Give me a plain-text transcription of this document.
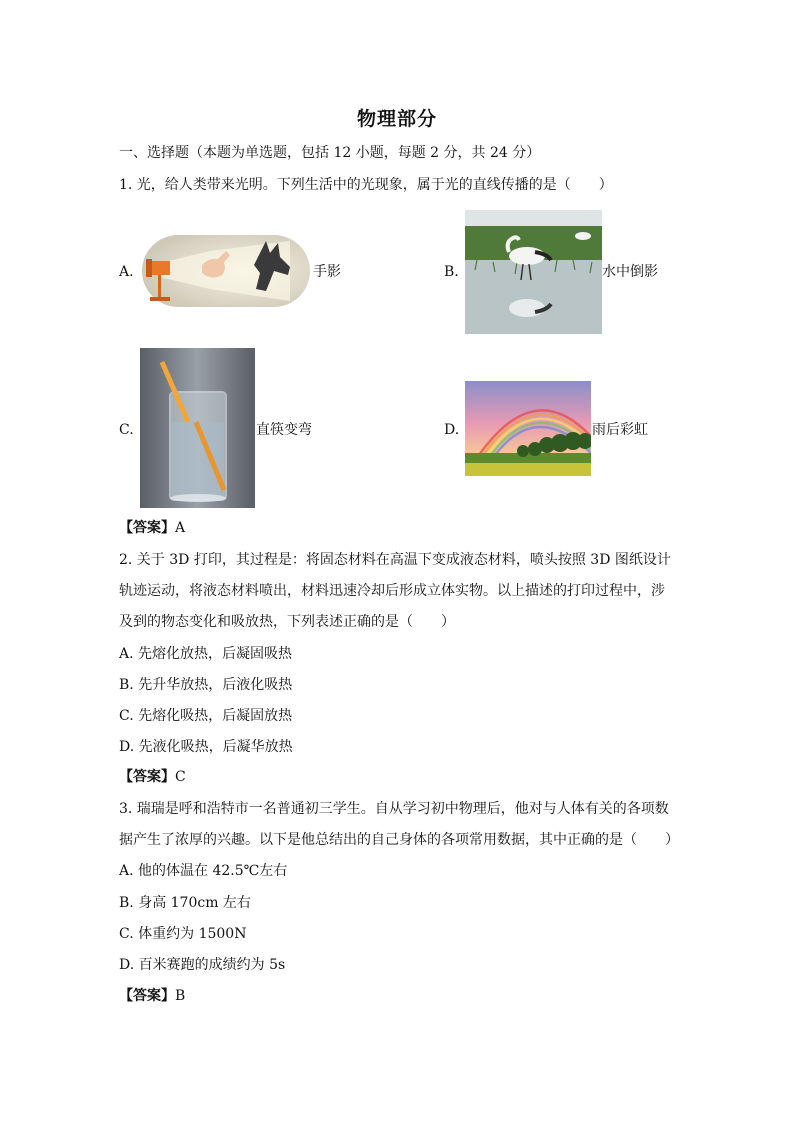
物理部分
一、选择题（本题为单选题，包括 12 小题，每题 2 分，共 24 分）
1. 光，给人类带来光明。下列生活中的光现象，属于光的直线传播的是（　　）
A.	手影	B.	水中倒影
C.	直筷变弯	D.	雨后彩虹
【答案】A
2. 关于 3D 打印，其过程是：将固态材料在高温下变成液态材料，喷头按照 3D 图纸设计
轨迹运动，将液态材料喷出，材料迅速冷却后形成立体实物。以上描述的打印过程中，涉
及到的物态变化和吸放热，下列表述正确的是（　　）
A. 先熔化放热，后凝固吸热
B. 先升华放热，后液化吸热
C. 先熔化吸热，后凝固放热
D. 先液化吸热，后凝华放热
【答案】C
3. 瑞瑞是呼和浩特市一名普通初三学生。自从学习初中物理后，他对与人体有关的各项数
据产生了浓厚的兴趣。以下是他总结出的自己身体的各项常用数据，其中正确的是（　　）
A. 他的体温在 42.5℃左右
B. 身高 170cm 左右
C. 体重约为 1500N
D. 百米赛跑的成绩约为 5s
【答案】B
